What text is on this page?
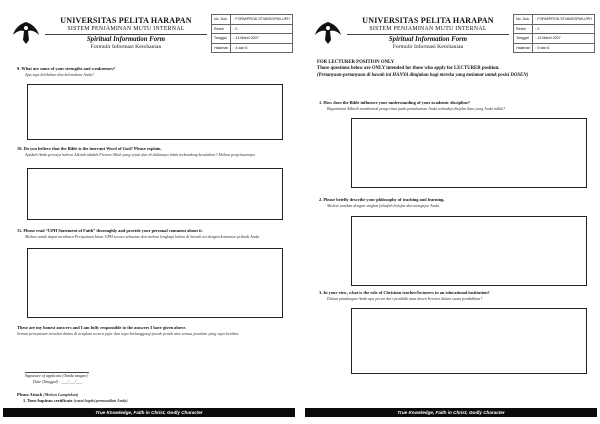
UNIVERSITAS PELITA HARAPAN
SISTEM PENJAMINAN MUTU INTERNAL
Spiritual Information Form
Formulir Informasi Kerohanian
No. Dok.	: FORM/PROD.ST/ABS/SPMI-UPH
Revisi	: 0
Tanggal	: 13 Maret 2007
Halaman	: 4 dari 6
9. What are some of your strengths and weaknesses?
Apa saja kelebihan dan kelemahan Anda?
10. Do you believe that the Bible is the inerrant Word of God? Please explain.
Apakah Anda percaya bahwa Alkitab adalah Firman Allah yang sejati dan di dalamnya tidak terkandung kesalahan? Mohon penjelasannya.
11. Please read “UPH Statement of Faith” thoroughly and provide your personal comment about it.
Mohon untuk dapat membaca Pernyataan Iman UPH secara seksama dan mohon lengkapi kolom di bawah ini dengan komentar pribadi Anda.
These are my honest answers and I am fully responsible to the answers I have given above.
Semua pernyataan tersebut diatas di ucapkan secara jujur dan saya bertanggung-jawab penuh atas semua jawaban yang saya berikan.
Signature of applicant (Tanda tangan)
Date (Tanggal) : ___/___/___
Please Attach (Mohon Lampirkan)
1. Your baptism certificate (surat baptis/permandian Anda)
True Knowledge, Faith in Christ, Godly Character
UNIVERSITAS PELITA HARAPAN
SISTEM PENJAMINAN MUTU INTERNAL
Spiritual Information Form
Formulir Informasi Kerohanian
No. Dok.	: FORM/PROD.ST/ABS/SPMI-UPH
Revisi	: 0
Tanggal	: 13 Maret 2007
Halaman	: 5 dari 6
FOR LECTURER POSITION ONLY
Those questions below are ONLY intended for those who apply for LECTURER position.
(Pertanyaan-pertanyaan di bawah ini HANYA ditujukan bagi mereka yang melamar untuk posisi DOSEN)
1. How does the Bible influence your understanding of your academic discipline?
Bagaimana Alkitab membentuk pengertian pada pemahaman Anda terhadap disiplin ilmu yang Anda miliki?
2. Please briefly describe your philosophy of teaching and learning.
Mohon uraikan dengan singkat falsafah belajar dan mengajar Anda.
3. In your view, what is the role of Christian teacher/lecturers in an educational institution?
Dalam pandangan Anda apa peran dari pendidik atau dosen Kristen dalam suatu pendidikan?
True Knowledge, Faith in Christ, Godly Character
